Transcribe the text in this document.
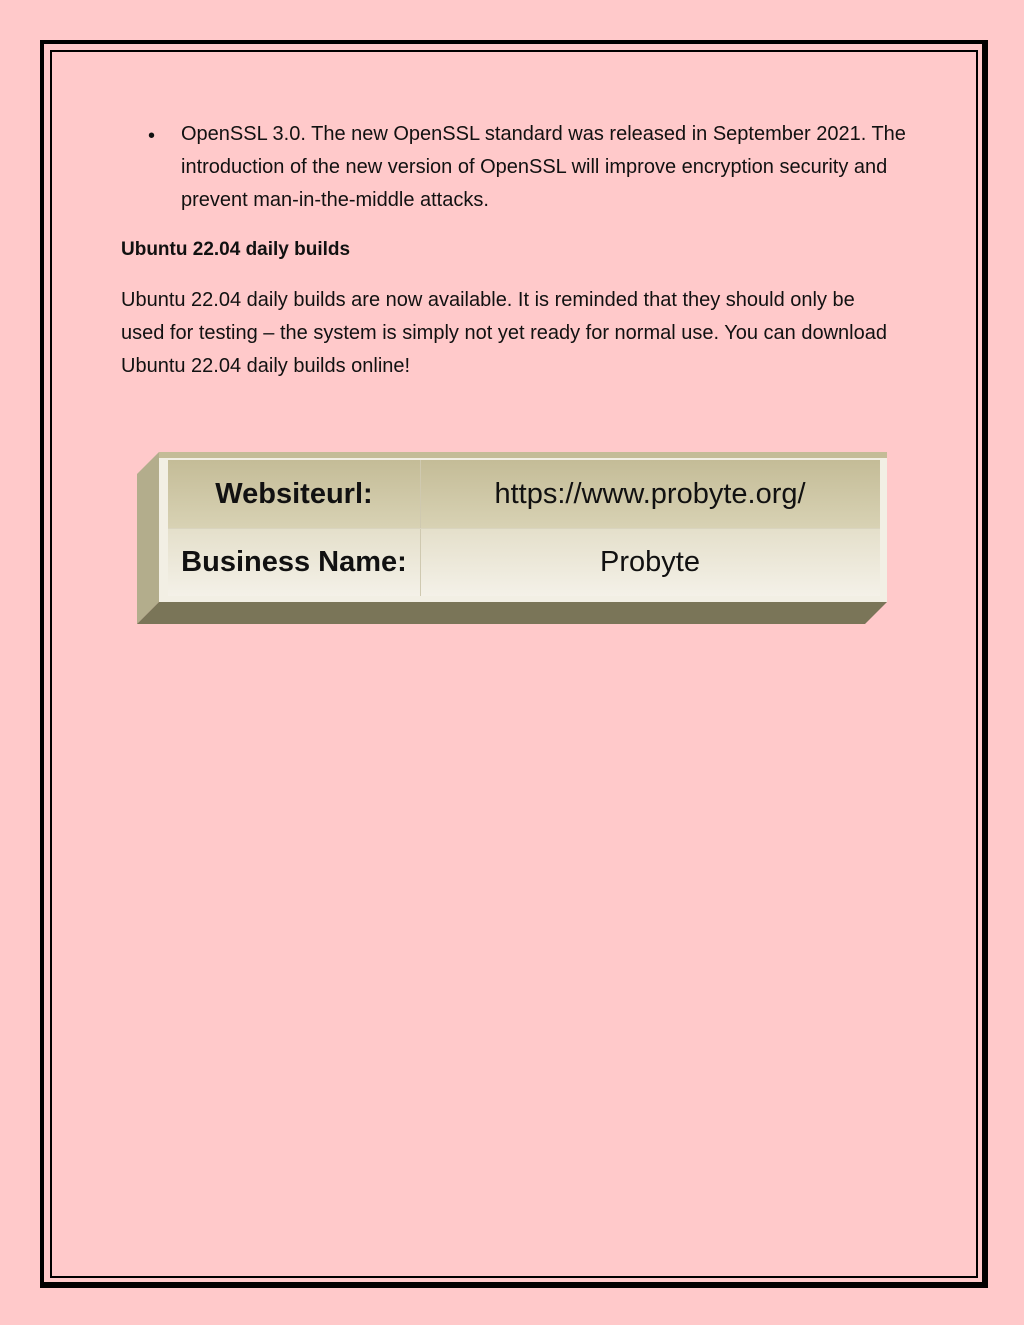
• OpenSSL 3.0. The new OpenSSL standard was released in September 2021. The introduction of the new version of OpenSSL will improve encryption security and prevent man-in-the-middle attacks.
Ubuntu 22.04 daily builds
Ubuntu 22.04 daily builds are now available. It is reminded that they should only be used for testing – the system is simply not yet ready for normal use. You can download Ubuntu 22.04 daily builds online!
Websiteurl:	https://www.probyte.org/
Business Name:	Probyte
